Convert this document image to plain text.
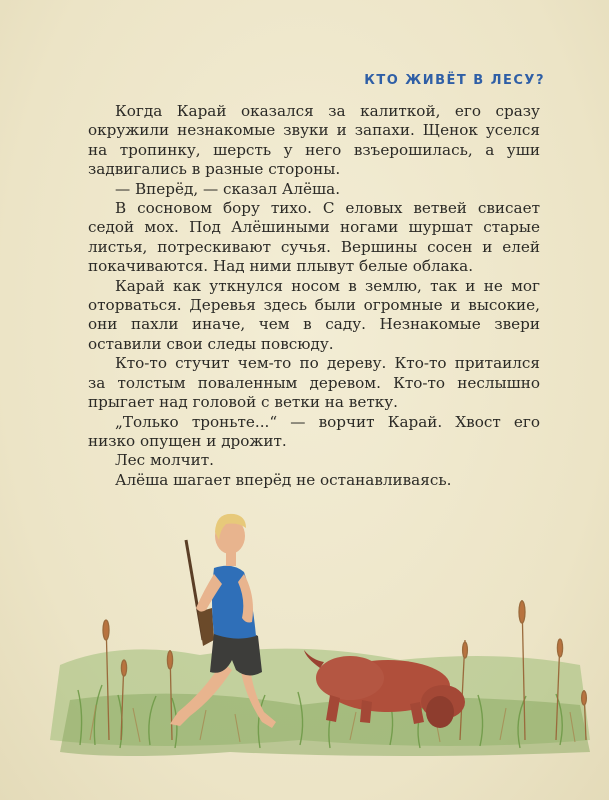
КТО ЖИВЁТ В ЛЕСУ?

Когда Карай оказался за калиткой, его сразу окружили незнакомые звуки и запахи. Щенок уселся на тропинку, шерсть у него взъерошилась, а уши задвигались в разные стороны.

— Вперёд, — сказал Алёша.

В сосновом бору тихо. С еловых ветвей свисает седой мох. Под Алёшиными ногами шуршат старые листья, потрескивают сучья. Вершины сосен и елей покачиваются. Над ними плывут белые облака.

Карай как уткнулся носом в землю, так и не мог оторваться. Деревья здесь были огромные и высокие, они пахли иначе, чем в саду. Незнакомые звери оставили свои следы повсюду.

Кто-то стучит чем-то по дереву. Кто-то притаился за толстым поваленным деревом. Кто-то неслышно прыгает над головой с ветки на ветку.

„Только троньте...“ — ворчит Карай. Хвост его низко опущен и дрожит.

Лес молчит.

Алёша шагает вперёд не останавливаясь.
